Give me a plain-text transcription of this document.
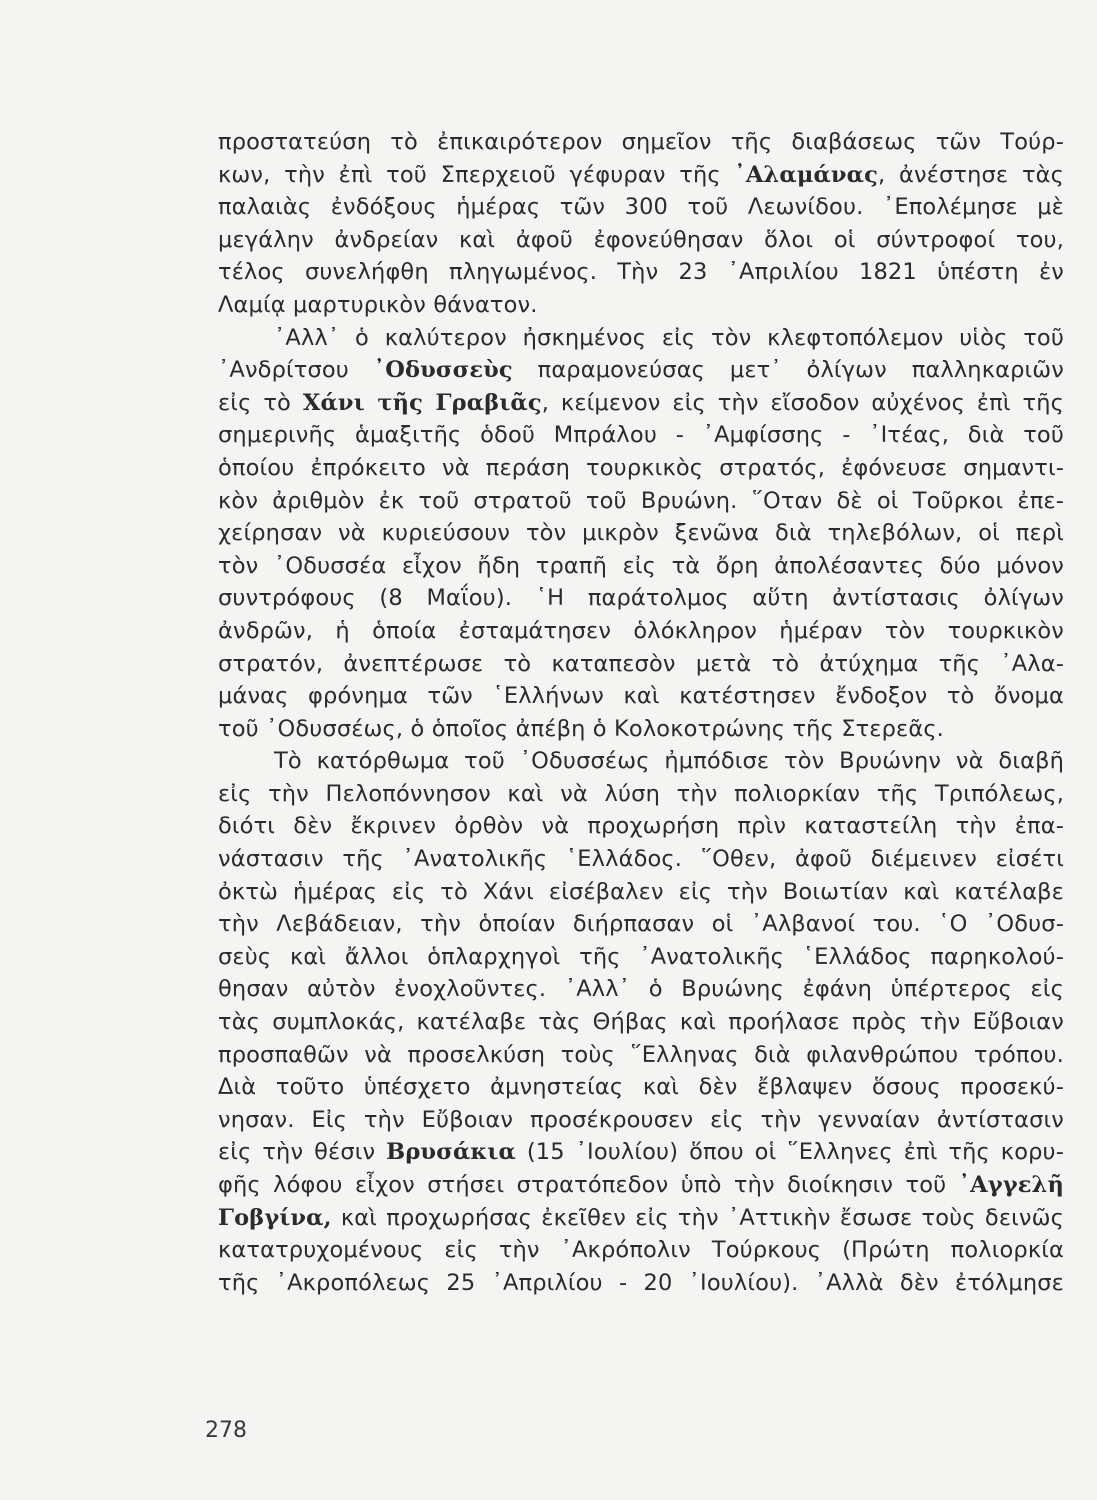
προστατεύση τὸ ἐπικαιρότερον σημεῖον τῆς διαβάσεως τῶν Τούρ-
κων, τὴν ἐπὶ τοῦ Σπερχειοῦ γέφυραν τῆς ᾿Αλαμάνας, ἀνέστησε τὰς
παλαιὰς ἐνδόξους ἡμέρας τῶν 300 τοῦ Λεωνίδου. ᾿Επολέμησε μὲ
μεγάλην ἀνδρείαν καὶ ἀφοῦ ἐφονεύθησαν ὅλοι οἱ σύντροφοί του,
τέλος συνελήφθη πληγωμένος. Τὴν 23 ᾿Απριλίου 1821 ὑπέστη ἐν
Λαμίᾳ μαρτυρικὸν θάνατον.
᾿Αλλ᾿ ὁ καλύτερον ἠσκημένος εἰς τὸν κλεφτοπόλεμον υἱὸς τοῦ
᾿Ανδρίτσου ᾿Οδυσσεὺς παραμονεύσας μετ᾿ ὀλίγων παλληκαριῶν
εἰς τὸ Χάνι τῆς Γραβιᾶς, κείμενον εἰς τὴν εἴσοδον αὐχένος ἐπὶ τῆς
σημερινῆς ἁμαξιτῆς ὁδοῦ Μπράλου - ᾿Αμφίσσης - ᾿Ιτέας, διὰ τοῦ
ὁποίου ἐπρόκειτο νὰ περάση τουρκικὸς στρατός, ἐφόνευσε σημαντι-
κὸν ἀριθμὸν ἐκ τοῦ στρατοῦ τοῦ Βρυώνη. ῞Οταν δὲ οἱ Τοῦρκοι ἐπε-
χείρησαν νὰ κυριεύσουν τὸν μικρὸν ξενῶνα διὰ τηλεβόλων, οἱ περὶ
τὸν ᾿Οδυσσέα εἶχον ἤδη τραπῆ εἰς τὰ ὄρη ἀπολέσαντες δύο μόνον
συντρόφους (8 Μαΐου). ῾Η παράτολμος αὕτη ἀντίστασις ὀλίγων
ἀνδρῶν, ἡ ὁποία ἐσταμάτησεν ὁλόκληρον ἡμέραν τὸν τουρκικὸν
στρατόν, ἀνεπτέρωσε τὸ καταπεσὸν μετὰ τὸ ἀτύχημα τῆς ᾿Αλα-
μάνας φρόνημα τῶν ῾Ελλήνων καὶ κατέστησεν ἔνδοξον τὸ ὄνομα
τοῦ ᾿Οδυσσέως, ὁ ὁποῖος ἀπέβη ὁ Κολοκοτρώνης τῆς Στερεᾶς.
Τὸ κατόρθωμα τοῦ ᾿Οδυσσέως ἠμπόδισε τὸν Βρυώνην νὰ διαβῆ
εἰς τὴν Πελοπόννησον καὶ νὰ λύση τὴν πολιορκίαν τῆς Τριπόλεως,
διότι δὲν ἔκρινεν ὀρθὸν νὰ προχωρήση πρὶν καταστείλη τὴν ἐπα-
νάστασιν τῆς ᾿Ανατολικῆς ῾Ελλάδος. ῞Οθεν, ἀφοῦ διέμεινεν εἰσέτι
ὀκτὼ ἡμέρας εἰς τὸ Χάνι εἰσέβαλεν εἰς τὴν Βοιωτίαν καὶ κατέλαβε
τὴν Λεβάδειαν, τὴν ὁποίαν διήρπασαν οἱ ᾿Αλβανοί του. ῾Ο ᾿Οδυσ-
σεὺς καὶ ἄλλοι ὁπλαρχηγοὶ τῆς ᾿Ανατολικῆς ῾Ελλάδος παρηκολού-
θησαν αὐτὸν ἐνοχλοῦντες. ᾿Αλλ᾿ ὁ Βρυώνης ἐφάνη ὑπέρτερος εἰς
τὰς συμπλοκάς, κατέλαβε τὰς Θήβας καὶ προήλασε πρὸς τὴν Εὔβοιαν
προσπαθῶν νὰ προσελκύση τοὺς ῞Ελληνας διὰ φιλανθρώπου τρόπου.
Διὰ τοῦτο ὑπέσχετο ἀμνηστείας καὶ δὲν ἔβλαψεν ὅσους προσεκύ-
νησαν. Εἰς τὴν Εὔβοιαν προσέκρουσεν εἰς τὴν γενναίαν ἀντίστασιν
εἰς τὴν θέσιν Βρυσάκια (15 ᾿Ιουλίου) ὅπου οἱ ῞Ελληνες ἐπὶ τῆς κορυ-
φῆς λόφου εἶχον στήσει στρατόπεδον ὑπὸ τὴν διοίκησιν τοῦ ᾿Αγγελῆ
Γοβγίνα, καὶ προχωρήσας ἐκεῖθεν εἰς τὴν ᾿Αττικὴν ἔσωσε τοὺς δεινῶς
κατατρυχομένους εἰς τὴν ᾿Ακρόπολιν Τούρκους (Πρώτη πολιορκία
τῆς ᾿Ακροπόλεως 25 ᾿Απριλίου - 20 ᾿Ιουλίου). ᾿Αλλὰ δὲν ἐτόλμησε
278
